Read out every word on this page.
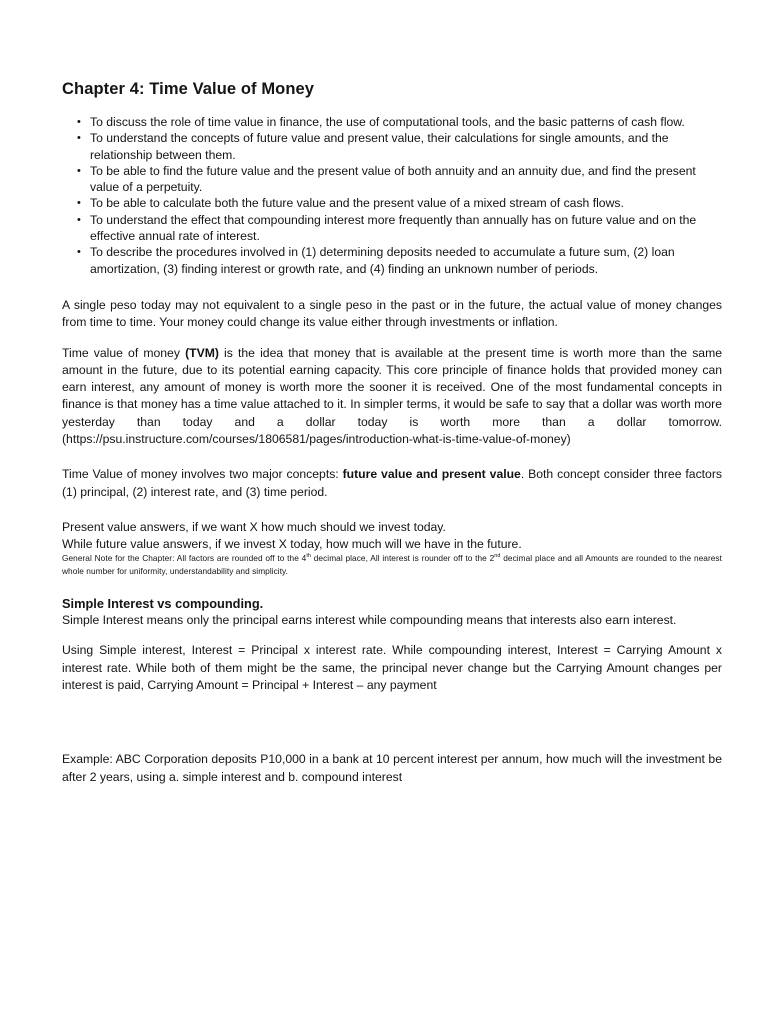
Chapter 4: Time Value of Money
• To discuss the role of time value in finance, the use of computational tools, and the basic patterns of cash flow.
• To understand the concepts of future value and present value, their calculations for single amounts, and the relationship between them.
• To be able to find the future value and the present value of both annuity and an annuity due, and find the present value of a perpetuity.
• To be able to calculate both the future value and the present value of a mixed stream of cash flows.
• To understand the effect that compounding interest more frequently than annually has on future value and on the effective annual rate of interest.
• To describe the procedures involved in (1) determining deposits needed to accumulate a future sum, (2) loan amortization, (3) finding interest or growth rate, and (4) finding an unknown number of periods.

A single peso today may not equivalent to a single peso in the past or in the future, the actual value of money changes from time to time. Your money could change its value either through investments or inflation.

Time value of money (TVM) is the idea that money that is available at the present time is worth more than the same amount in the future, due to its potential earning capacity. This core principle of finance holds that provided money can earn interest, any amount of money is worth more the sooner it is received. One of the most fundamental concepts in finance is that money has a time value attached to it. In simpler terms, it would be safe to say that a dollar was worth more yesterday than today and a dollar today is worth more than a dollar tomorrow. (https://psu.instructure.com/courses/1806581/pages/introduction-what-is-time-value-of-money)

Time Value of money involves two major concepts: future value and present value. Both concept consider three factors (1) principal, (2) interest rate, and (3) time period.

Present value answers, if we want X how much should we invest today.

While future value answers, if we invest X today, how much will we have in the future.

General Note for the Chapter: All factors are rounded off to the 4th decimal place, All interest is rounder off to the 2nd decimal place and all Amounts are rounded to the nearest whole number for uniformity, understandability and simplicity.
Simple Interest vs compounding.

Simple Interest means only the principal earns interest while compounding means that interests also earn interest.

Using Simple interest, Interest = Principal x interest rate. While compounding interest, Interest = Carrying Amount x interest rate. While both of them might be the same, the principal never change but the Carrying Amount changes per interest is paid, Carrying Amount = Principal + Interest – any payment

Example: ABC Corporation deposits P10,000 in a bank at 10 percent interest per annum, how much will the investment be after 2 years, using a. simple interest and b. compound interest
